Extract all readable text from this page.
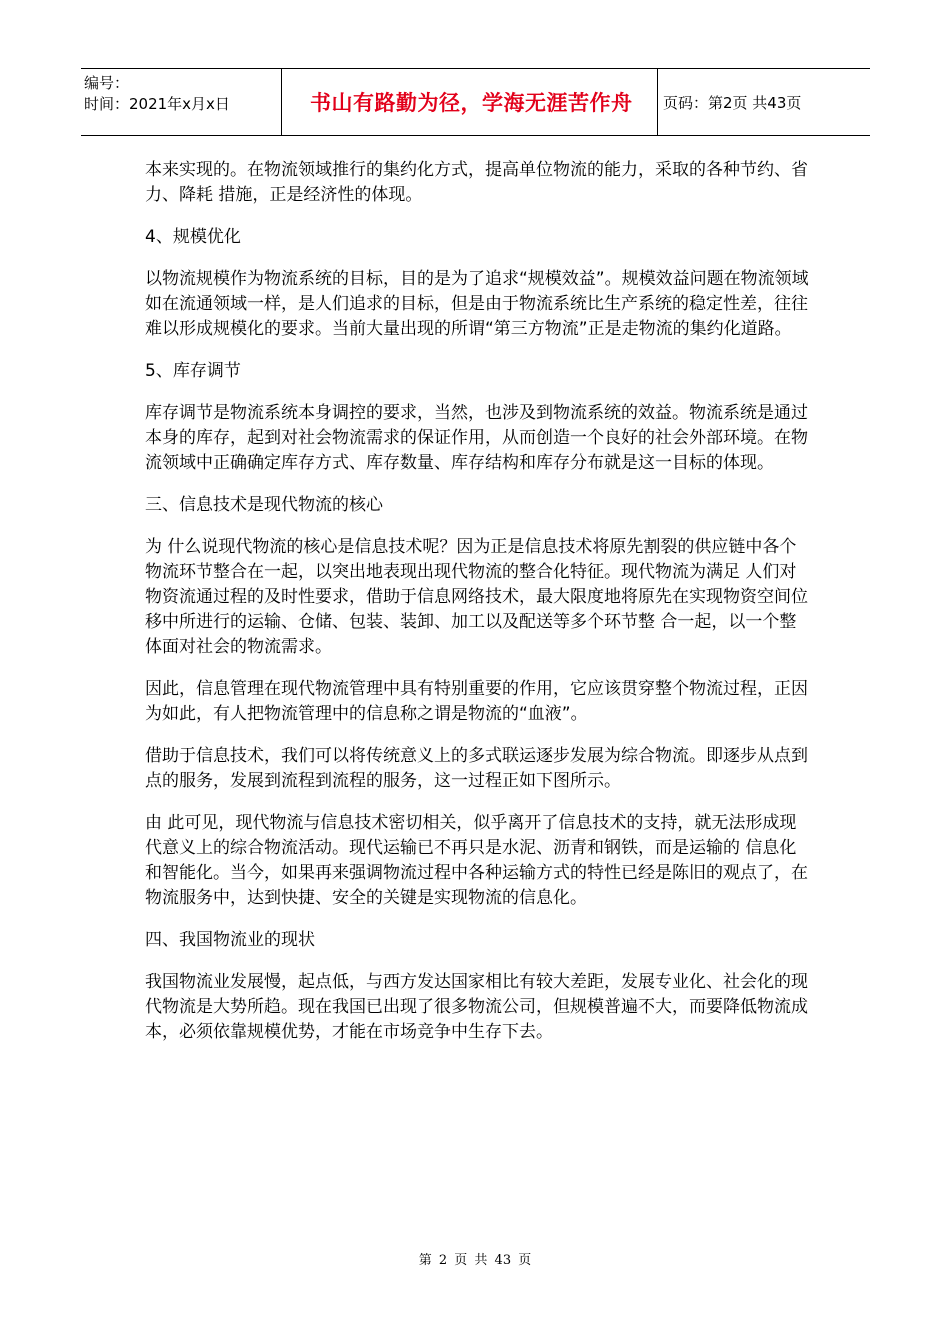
编号：
时间：2021年x月x日	书山有路勤为径，学海无涯苦作舟 页码：第2页 共43页

本来实现的。在物流领域推行的集约化方式，提高单位物流的能力，采取的各种节约、省力、降耗 措施，正是经济性的体现。

4、规模优化

以物流规模作为物流系统的目标，目的是为了追求“规模效益”。规模效益问题在物流领域如在流通领域一样，是人们追求的目标，但是由于物流系统比生产系统的稳定性差，往往难以形成规模化的要求。当前大量出现的所谓“第三方物流”正是走物流的集约化道路。

5、库存调节

库存调节是物流系统本身调控的要求，当然，也涉及到物流系统的效益。物流系统是通过本身的库存，起到对社会物流需求的保证作用，从而创造一个良好的社会外部环境。在物流领域中正确确定库存方式、库存数量、库存结构和库存分布就是这一目标的体现。

三、信息技术是现代物流的核心

为 什么说现代物流的核心是信息技术呢？因为正是信息技术将原先割裂的供应链中各个物流环节整合在一起，以突出地表现出现代物流的整合化特征。现代物流为满足 人们对物资流通过程的及时性要求，借助于信息网络技术，最大限度地将原先在实现物资空间位移中所进行的运输、仓储、包装、装卸、加工以及配送等多个环节整 合一起，以一个整体面对社会的物流需求。

因此，信息管理在现代物流管理中具有特别重要的作用，它应该贯穿整个物流过程，正因为如此，有人把物流管理中的信息称之谓是物流的“血液”。

借助于信息技术，我们可以将传统意义上的多式联运逐步发展为综合物流。即逐步从点到点的服务，发展到流程到流程的服务，这一过程正如下图所示。

由 此可见，现代物流与信息技术密切相关，似乎离开了信息技术的支持，就无法形成现代意义上的综合物流活动。现代运输已不再只是水泥、沥青和钢铁，而是运输的 信息化和智能化。当今，如果再来强调物流过程中各种运输方式的特性已经是陈旧的观点了，在物流服务中，达到快捷、安全的关键是实现物流的信息化。

四、我国物流业的现状

我国物流业发展慢，起点低，与西方发达国家相比有较大差距，发展专业化、社会化的现代物流是大势所趋。现在我国已出现了很多物流公司，但规模普遍不大，而要降低物流成本，必须依靠规模优势，才能在市场竞争中生存下去。

第 2 页 共 43 页
